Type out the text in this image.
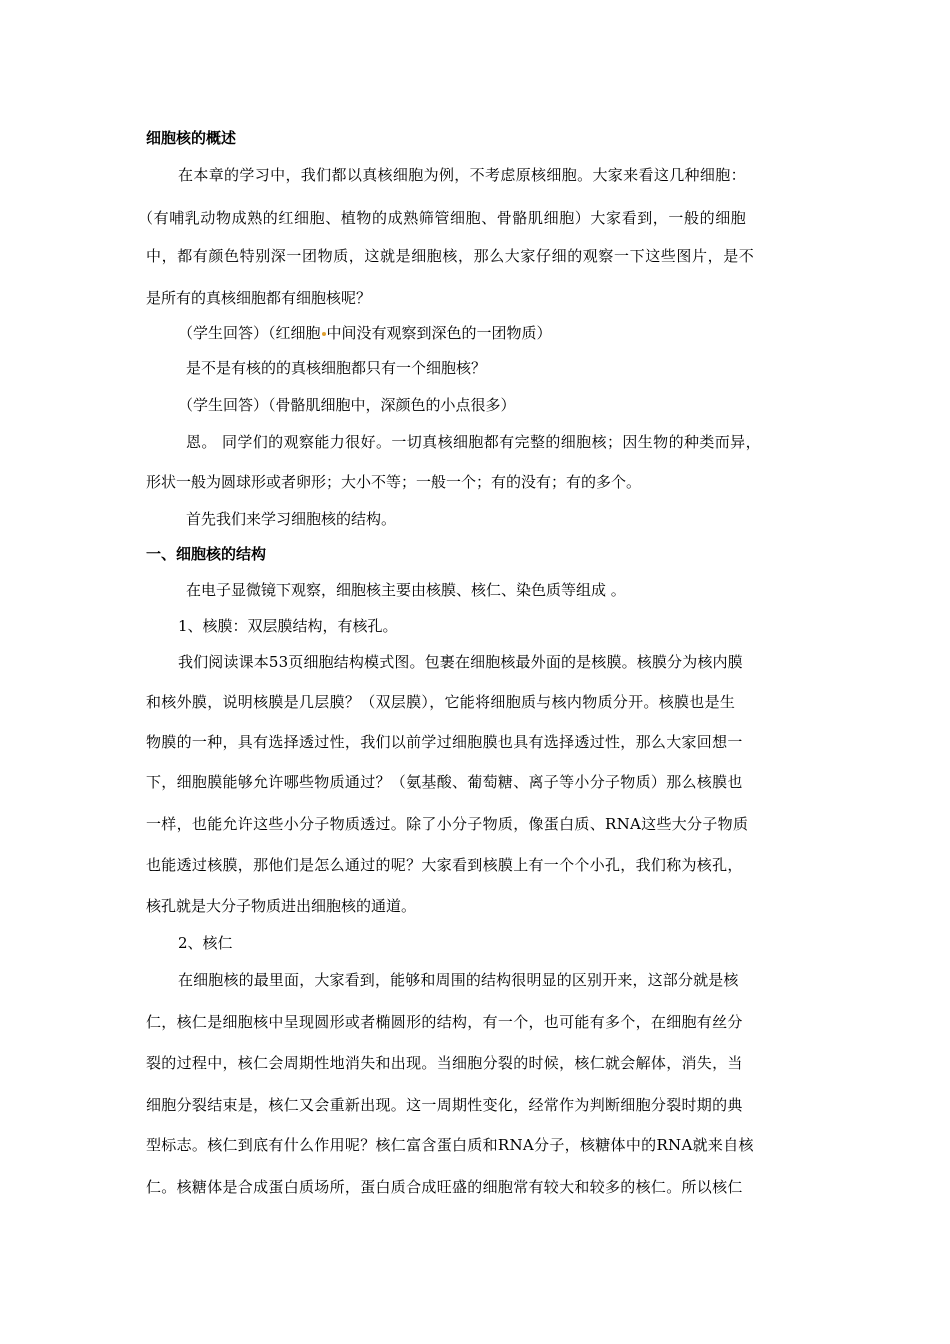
细胞核的概述
在本章的学习中，我们都以真核细胞为例，不考虑原核细胞。大家来看这几种细胞：
（有哺乳动物成熟的红细胞、植物的成熟筛管细胞、骨骼肌细胞）大家看到，一般的细胞
中，都有颜色特别深一团物质，这就是细胞核，那么大家仔细的观察一下这些图片，是不
是所有的真核细胞都有细胞核呢？
（学生回答）（红细胞 中间没有观察到深色的一团物质）
是不是有核的的真核细胞都只有一个细胞核？
（学生回答）（骨骼肌细胞中，深颜色的小点很多）
恩。 同学们的观察能力很好。一切真核细胞都有完整的细胞核；因生物的种类而异，
形状一般为圆球形或者卵形；大小不等；一般一个；有的没有；有的多个。
首先我们来学习细胞核的结构。
一、细胞核的结构
在电子显微镜下观察，细胞核主要由核膜、核仁、染色质等组成 。
1、核膜：双层膜结构，有核孔。
我们阅读课本53页细胞结构模式图。包裹在细胞核最外面的是核膜。核膜分为核内膜
和核外膜，说明核膜是几层膜？（双层膜），它能将细胞质与核内物质分开。核膜也是生
物膜的一种，具有选择透过性，我们以前学过细胞膜也具有选择透过性，那么大家回想一
下，细胞膜能够允许哪些物质通过？（氨基酸、葡萄糖、离子等小分子物质）那么核膜也
一样，也能允许这些小分子物质透过。除了小分子物质，像蛋白质、RNA这些大分子物质
也能透过核膜，那他们是怎么通过的呢？大家看到核膜上有一个个小孔，我们称为核孔，
核孔就是大分子物质进出细胞核的通道。
2、核仁
在细胞核的最里面，大家看到，能够和周围的结构很明显的区别开来，这部分就是核
仁，核仁是细胞核中呈现圆形或者椭圆形的结构，有一个，也可能有多个，在细胞有丝分
裂的过程中，核仁会周期性地消失和出现。当细胞分裂的时候，核仁就会解体，消失，当
细胞分裂结束是，核仁又会重新出现。这一周期性变化，经常作为判断细胞分裂时期的典
型标志。核仁到底有什么作用呢？核仁富含蛋白质和RNA分子，核糖体中的RNA就来自核
仁。核糖体是合成蛋白质场所，蛋白质合成旺盛的细胞常有较大和较多的核仁。所以核仁
